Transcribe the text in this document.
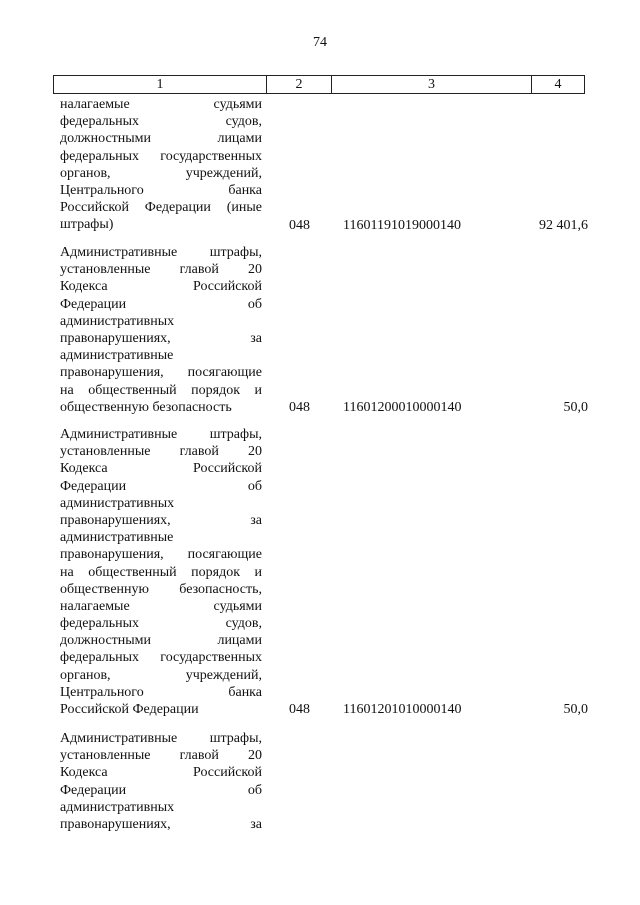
74
1	2	3	4
налагаемые судьями
федеральных судов,
должностными лицами
федеральных государственных
органов, учреждений,
Центрального банка
Российской Федерации (иные
штрафы)	048	11601191019000140	92 401,6
Административные штрафы,
установленные главой 20
Кодекса Российской
Федерации об
административных
правонарушениях, за
административные
правонарушения, посягающие
на общественный порядок и
общественную безопасность	048	11601200010000140	50,0
Административные штрафы,
установленные главой 20
Кодекса Российской
Федерации об
административных
правонарушениях, за
административные
правонарушения, посягающие
на общественный порядок и
общественную безопасность,
налагаемые судьями
федеральных судов,
должностными лицами
федеральных государственных
органов, учреждений,
Центрального банка
Российской Федерации	048	11601201010000140	50,0
Административные штрафы,
установленные главой 20
Кодекса Российской
Федерации об
административных
правонарушениях, за
